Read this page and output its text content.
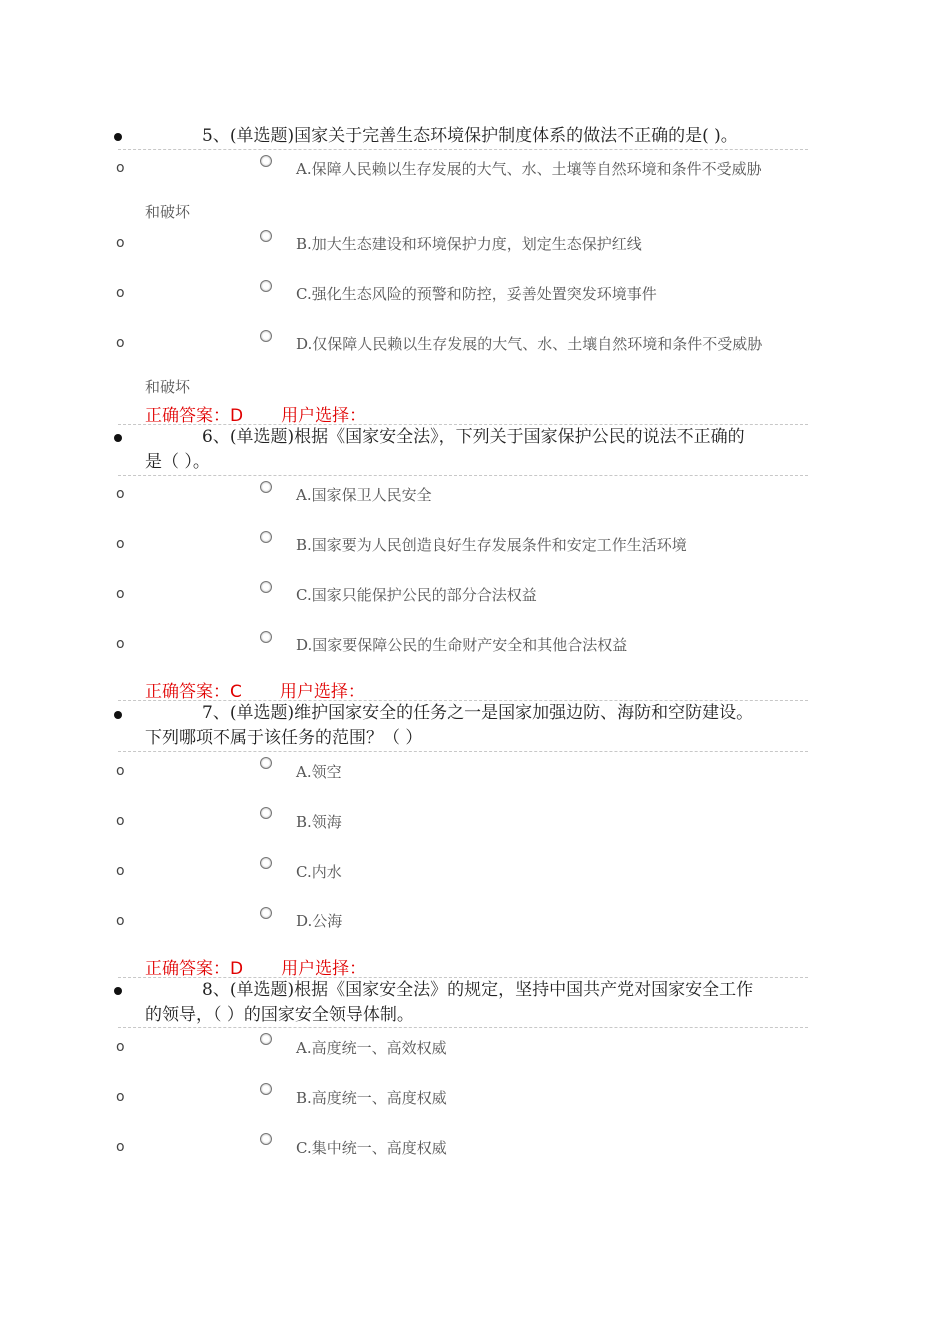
5、(单选题)国家关于完善生态环境保护制度体系的做法不正确的是( )。
o	A.保障人民赖以生存发展的大气、水、土壤等自然环境和条件不受威胁
和破坏
o	B.加大生态建设和环境保护力度，划定生态保护红线
o	C.强化生态风险的预警和防控，妥善处置突发环境事件
o	D.仅保障人民赖以生存发展的大气、水、土壤自然环境和条件不受威胁
和破坏
正确答案：D 用户选择：
6、(单选题)根据《国家安全法》，下列关于国家保护公民的说法不正确的
是（ ）。
o	A.国家保卫人民安全
o	B.国家要为人民创造良好生存发展条件和安定工作生活环境
o	C.国家只能保护公民的部分合法权益
o	D.国家要保障公民的生命财产安全和其他合法权益
正确答案：C 用户选择：
7、(单选题)维护国家安全的任务之一是国家加强边防、海防和空防建设。
下列哪项不属于该任务的范围？（ ）
o	A.领空
o	B.领海
o	C.内水
o	D.公海
正确答案：D 用户选择：
8、(单选题)根据《国家安全法》的规定，坚持中国共产党对国家安全工作
的领导，（ ）的国家安全领导体制。
o	A.高度统一、高效权威
o	B.高度统一、高度权威
o	C.集中统一、高度权威
